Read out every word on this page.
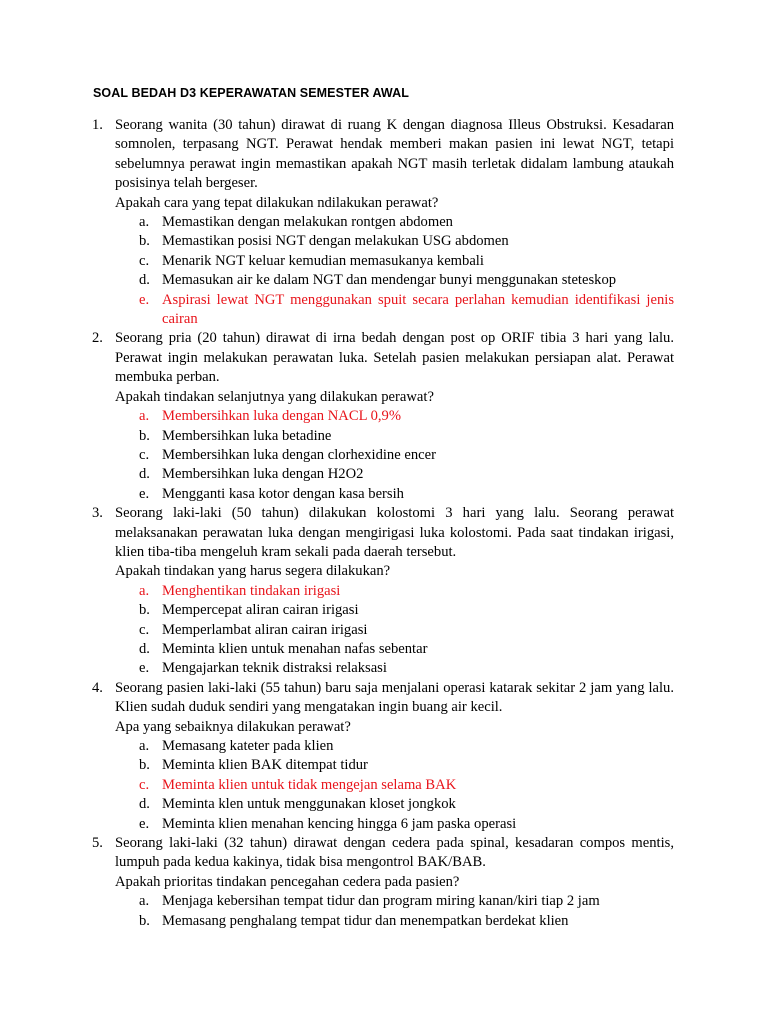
SOAL BEDAH D3 KEPERAWATAN SEMESTER AWAL
1. Seorang wanita (30 tahun) dirawat di ruang K dengan diagnosa Illeus Obstruksi. Kesadaran somnolen, terpasang NGT. Perawat hendak memberi makan pasien ini lewat NGT, tetapi sebelumnya perawat ingin memastikan apakah NGT masih terletak didalam lambung ataukah posisinya telah bergeser.
Apakah cara yang tepat dilakukan ndilakukan perawat?
a. Memastikan dengan melakukan rontgen abdomen
b. Memastikan posisi NGT dengan melakukan USG abdomen
c. Menarik NGT keluar kemudian memasukanya kembali
d. Memasukan air ke dalam NGT dan mendengar bunyi menggunakan steteskop
e. Aspirasi lewat NGT menggunakan spuit secara perlahan kemudian identifikasi jenis cairan
2. Seorang pria (20 tahun) dirawat di irna bedah dengan post op ORIF tibia 3 hari yang lalu. Perawat ingin melakukan perawatan luka. Setelah pasien melakukan persiapan alat. Perawat membuka perban.
Apakah tindakan selanjutnya yang dilakukan perawat?
a. Membersihkan luka dengan NACL 0,9%
b. Membersihkan luka betadine
c. Membersihkan luka dengan clorhexidine encer
d. Membersihkan luka dengan H2O2
e. Mengganti kasa kotor dengan kasa bersih
3. Seorang laki-laki (50 tahun) dilakukan kolostomi 3 hari yang lalu. Seorang perawat melaksanakan perawatan luka dengan mengirigasi luka kolostomi. Pada saat tindakan irigasi, klien tiba-tiba mengeluh kram sekali pada daerah tersebut.
Apakah tindakan yang harus segera dilakukan?
a. Menghentikan tindakan irigasi
b. Mempercepat aliran cairan irigasi
c. Memperlambat aliran cairan irigasi
d. Meminta klien untuk menahan nafas sebentar
e. Mengajarkan teknik distraksi relaksasi
4. Seorang pasien laki-laki (55 tahun) baru saja menjalani operasi katarak sekitar 2 jam yang lalu. Klien sudah duduk sendiri yang mengatakan ingin buang air kecil.
Apa yang sebaiknya dilakukan perawat?
a. Memasang kateter pada klien
b. Meminta klien BAK ditempat tidur
c. Meminta klien untuk tidak mengejan selama BAK
d. Meminta klen untuk menggunakan kloset jongkok
e. Meminta klien menahan kencing hingga 6 jam paska operasi
5. Seorang laki-laki (32 tahun) dirawat dengan cedera pada spinal, kesadaran compos mentis, lumpuh pada kedua kakinya, tidak bisa mengontrol BAK/BAB.
Apakah prioritas tindakan pencegahan cedera pada pasien?
a. Menjaga kebersihan tempat tidur dan program miring kanan/kiri tiap 2 jam
b. Memasang penghalang tempat tidur dan menempatkan berdekat klien
